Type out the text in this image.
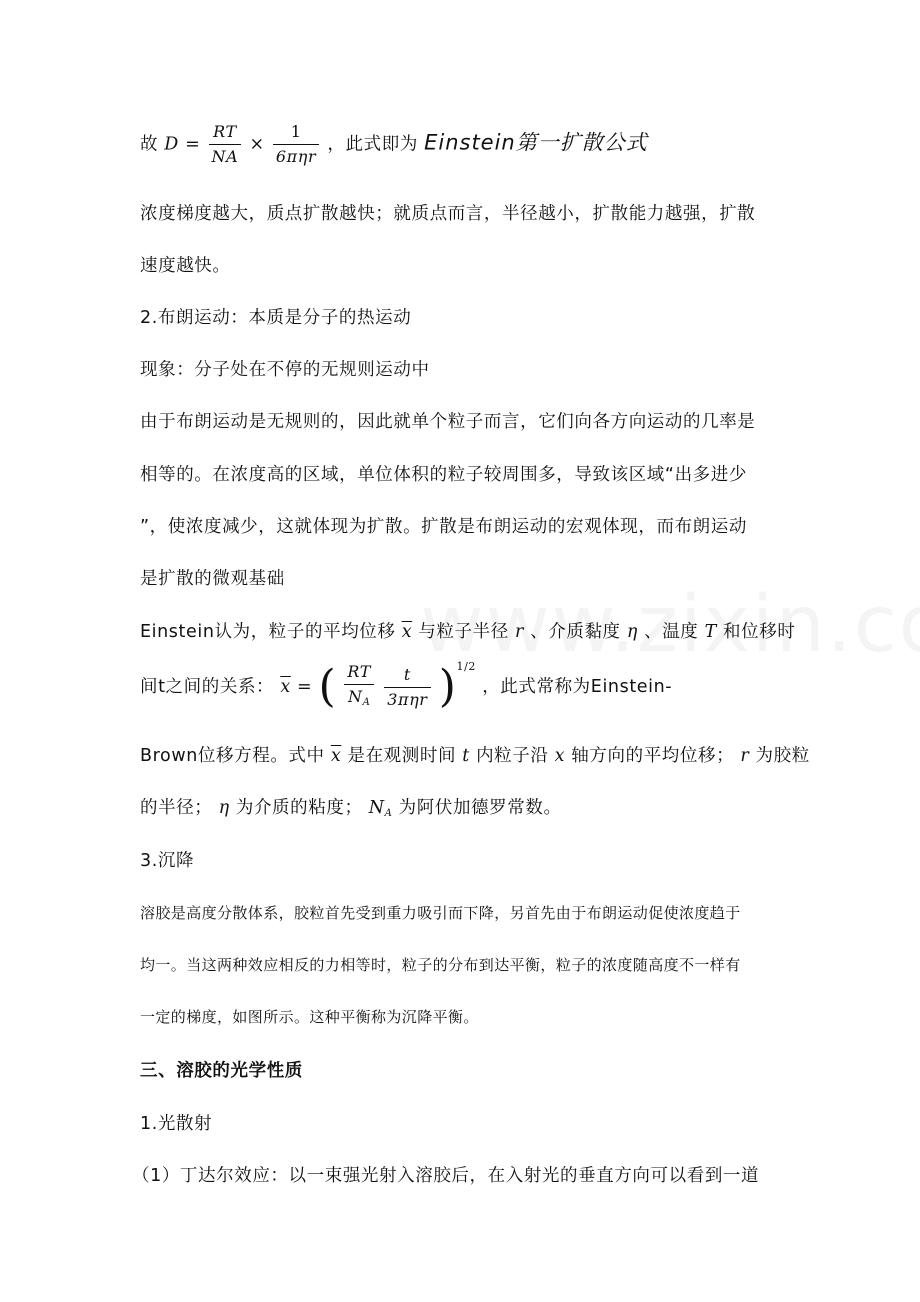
故 $D = \frac{RT}{NA} \times \frac{1}{\text{6πηr}}$ ，此式即为 Einstein第一扩散公式
浓度梯度越大，质点扩散越快；就质点而言，半径越小，扩散能力越强，扩散
速度越快。
2.布朗运动：本质是分子的热运动
现象：分子处在不停的无规则运动中
由于布朗运动是无规则的，因此就单个粒子而言，它们向各方向运动的几率是
相等的。在浓度高的区域，单位体积的粒子较周围多，导致该区域“出多进少
”，使浓度减少，这就体现为扩散。扩散是布朗运动的宏观体现，而布朗运动
是扩散的微观基础
Einstein认为，粒子的平均位移 $\overline{x}$ 与粒子半径 r 、介质黏度 η 、温度 T 和位移时
间t之间的关系： $\overline{x}$ = ( $\frac{RT}{N_A}$
$\frac{t}{\text{3πηr}} )^{1/2}$ ，此式常称为Einstein-
Brown位移方程。式中 $\overline{x}$ 是在观测时间 t 内粒子沿 x 轴方向的平均位移； r 为胶粒
的半径； η 为介质的粘度； $N_A$ 为阿伏加德罗常数。
3.沉降
溶胶是高度分散体系，胶粒首先受到重力吸引而下降，另首先由于布朗运动促使浓度趋于
均一。当这两种效应相反的力相等时，粒子的分布到达平衡，粒子的浓度随高度不一样有
一定的梯度，如图所示。这种平衡称为沉降平衡。
三、溶胶的光学性质
1.光散射
（1）丁达尔效应：以一束强光射入溶胶后，在入射光的垂直方向可以看到一道
